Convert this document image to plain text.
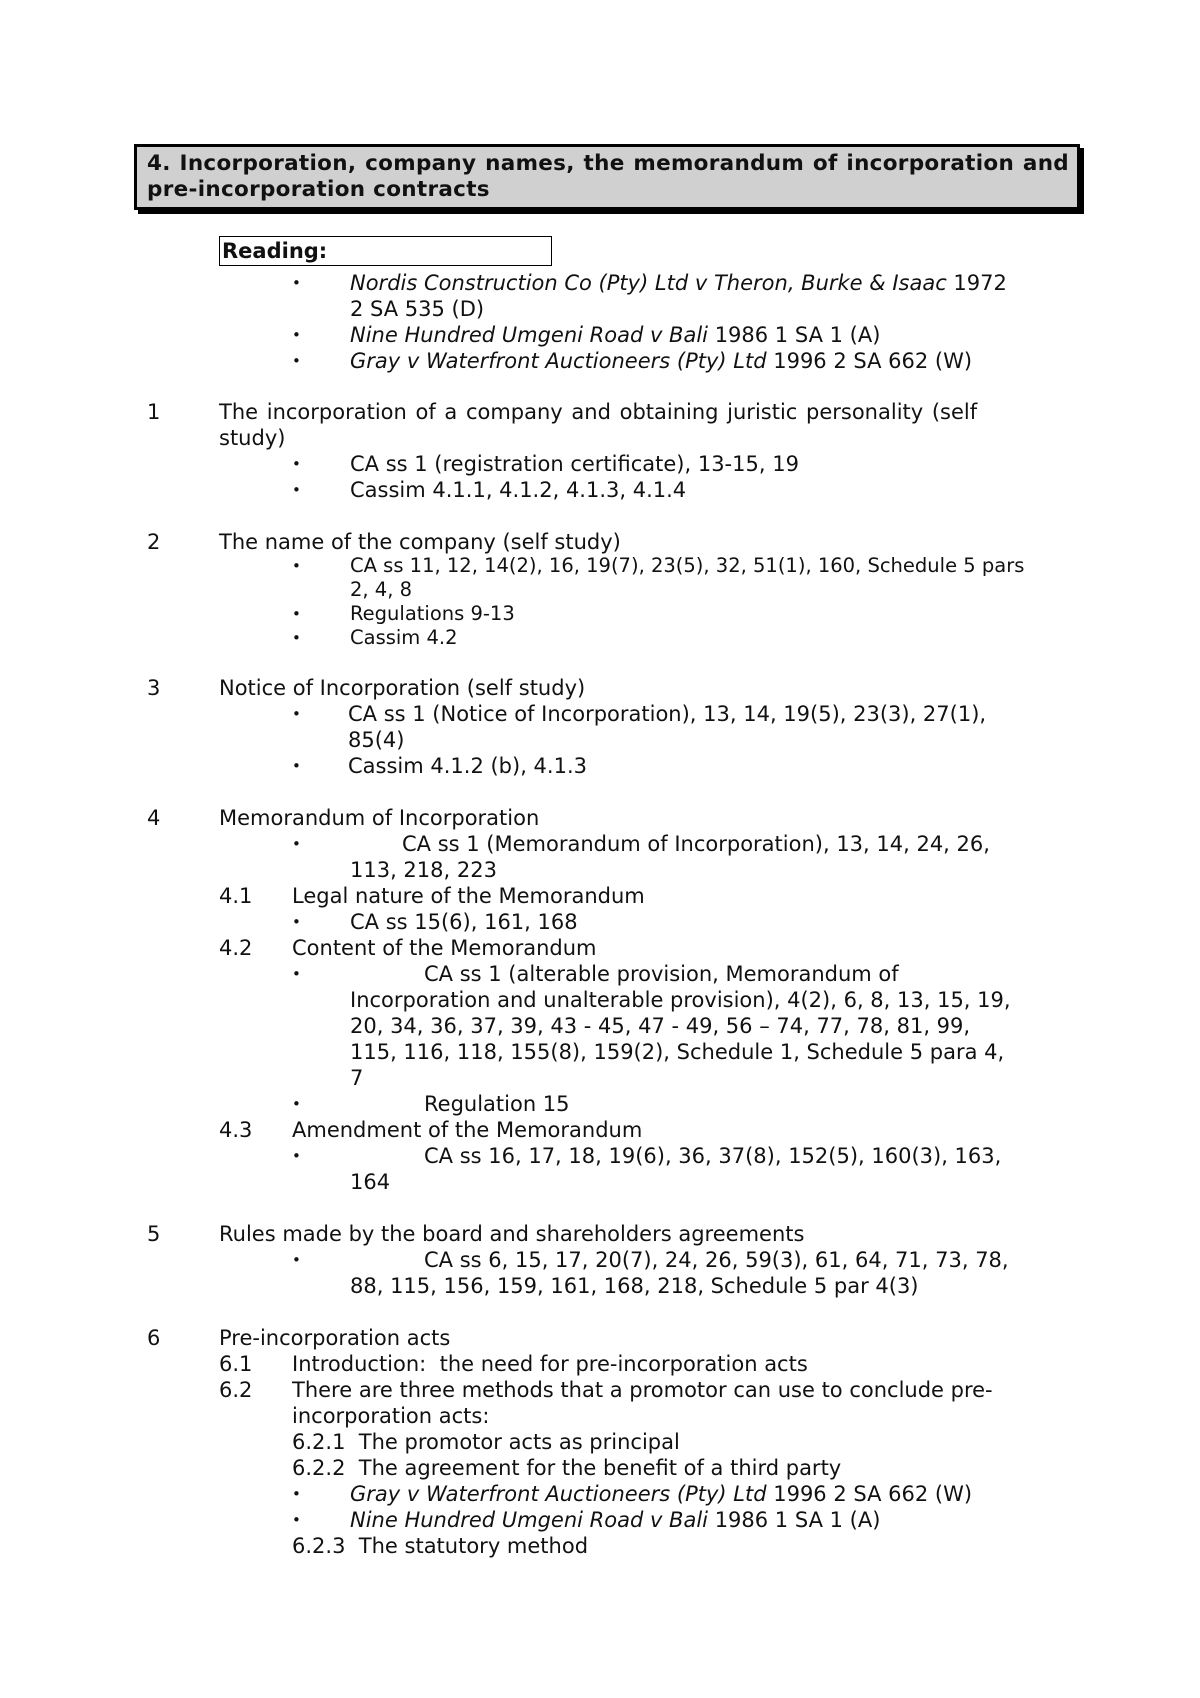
4. Incorporation, company names, the memorandum of incorporation and pre-incorporation contracts
Reading:
• Nordis Construction Co (Pty) Ltd v Theron, Burke & Isaac 1972
2 SA 535 (D)
• Nine Hundred Umgeni Road v Bali 1986 1 SA 1 (A)
• Gray v Waterfront Auctioneers (Pty) Ltd 1996 2 SA 662 (W)
1	The incorporation of a company and obtaining juristic personality (self
study)
• CA ss 1 (registration certificate), 13-15, 19
• Cassim 4.1.1, 4.1.2, 4.1.3, 4.1.4
2	The name of the company (self study)
•	CA ss 11, 12, 14(2), 16, 19(7), 23(5), 32, 51(1), 160, Schedule 5 pars
2, 4, 8
•	Regulations 9-13
•	Cassim 4.2
3	Notice of Incorporation (self study)
• CA ss 1 (Notice of Incorporation), 13, 14, 19(5), 23(3), 27(1),
85(4)
• Cassim 4.1.2 (b), 4.1.3
4	Memorandum of Incorporation
•	CA ss 1 (Memorandum of Incorporation), 13, 14, 24, 26,
113, 218, 223
4.1 Legal nature of the Memorandum
• CA ss 15(6), 161, 168
4.2 Content of the Memorandum
•	CA ss 1 (alterable provision, Memorandum of
Incorporation and unalterable provision), 4(2), 6, 8, 13, 15, 19,
20, 34, 36, 37, 39, 43 - 45, 47 - 49, 56 – 74, 77, 78, 81, 99,
115, 116, 118, 155(8), 159(2), Schedule 1, Schedule 5 para 4,
7
•	Regulation 15
4.3 Amendment of the Memorandum
•	CA ss 16, 17, 18, 19(6), 36, 37(8), 152(5), 160(3), 163,
164
5	Rules made by the board and shareholders agreements
•	CA ss 6, 15, 17, 20(7), 24, 26, 59(3), 61, 64, 71, 73, 78,
88, 115, 156, 159, 161, 168, 218, Schedule 5 par 4(3)
6	Pre-incorporation acts
6.1 Introduction:  the need for pre-incorporation acts
6.2 There are three methods that a promotor can use to conclude pre-
incorporation acts:
6.2.1  The promotor acts as principal
6.2.2  The agreement for the benefit of a third party
• Gray v Waterfront Auctioneers (Pty) Ltd 1996 2 SA 662 (W)
• Nine Hundred Umgeni Road v Bali 1986 1 SA 1 (A)
6.2.3  The statutory method
